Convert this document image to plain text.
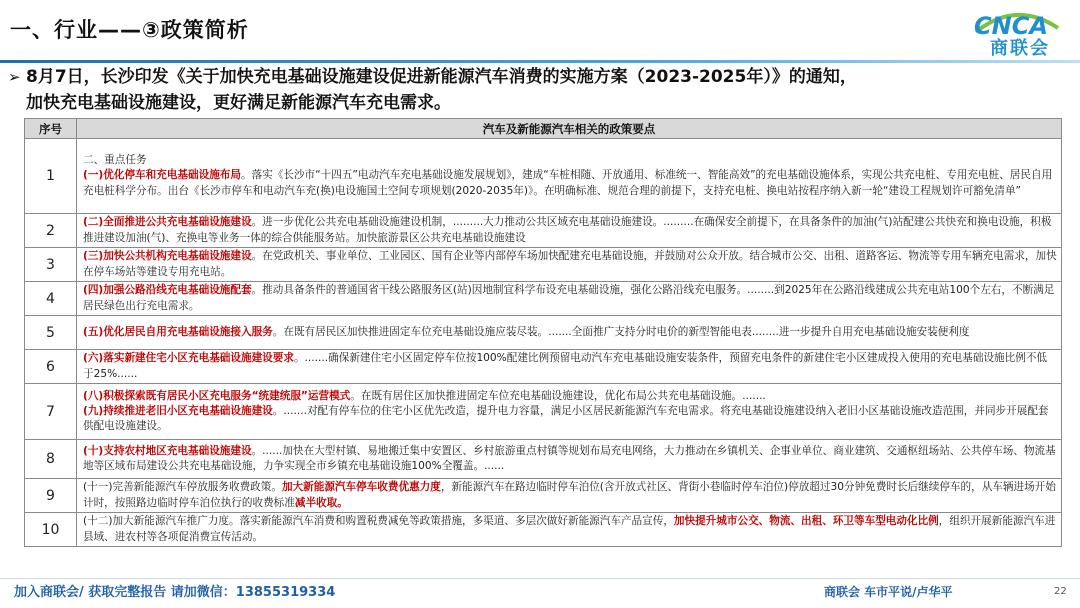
一、行业——③政策简析	CNCA
商联会
➢ 8月7日，长沙印发《关于加快充电基础设施建设促进新能源汽车消费的实施方案（2023-2025年）》的通知，
加快充电基础设施建设，更好满足新能源汽车充电需求。
序号	汽车及新能源汽车相关的政策要点
1	二、重点任务
(一)优化停车和充电基础设施布局。落实《长沙市“十四五”电动汽车充电基础设施发展规划》，建成“车桩相随、开放通用、标准统一、智能高效”的充电基础设施体系，实现公共充电桩、专用充电桩、居民自用充电桩科学分布。出台《长沙市停车和电动汽车充(换)电设施国土空间专项规划(2020-2035年)》。在明确标准、规范合理的前提下，支持充电桩、换电站按程序纳入新一轮“建设工程规划许可豁免清单”
2	(二)全面推进公共充电基础设施建设。进一步优化公共充电基础设施建设机制，.........大力推动公共区域充电基础设施建设。.........在确保安全前提下，在具备条件的加油(气)站配建公共快充和换电设施，积极推进建设加油(气)、充换电等业务一体的综合供能服务站。加快旅游景区公共充电基础设施建设
3	(三)加快公共机构充电基础设施建设。在党政机关、事业单位、工业园区、国有企业等内部停车场加快配建充电基础设施，并鼓励对公众开放。结合城市公交、出租、道路客运、物流等专用车辆充电需求，加快在停车场站等建设专用充电站。
4	(四)加强公路沿线充电基础设施配套。推动具备条件的普通国省干线公路服务区(站)因地制宜科学布设充电基础设施，强化公路沿线充电服务。........到2025年在公路沿线建成公共充电站100个左右，不断满足居民绿色出行充电需求。
5	(五)优化居民自用充电基础设施接入服务。在既有居民区加快推进固定车位充电基础设施应装尽装。.......全面推广支持分时电价的新型智能电表........进一步提升自用充电基础设施安装便利度
6	(六)落实新建住宅小区充电基础设施建设要求。.......确保新建住宅小区固定停车位按100%配建比例预留电动汽车充电基础设施安装条件，预留充电条件的新建住宅小区建成投入使用的充电基础设施比例不低于25%......
7	(八)积极探索既有居民小区充电服务“统建统服”运营模式。在既有居住区加快推进固定车位充电基础设施建设，优化布局公共充电基础设施。.......
(九)持续推进老旧小区充电基础设施建设。.......对配有停车位的住宅小区优先改造，提升电力容量，满足小区居民新能源汽车充电需求。将充电基础设施建设纳入老旧小区基础设施改造范围，并同步开展配套供配电设施建设。
8	(十)支持农村地区充电基础设施建设。......加快在大型村镇、易地搬迁集中安置区、乡村旅游重点村镇等规划布局充电网络，大力推动在乡镇机关、企事业单位、商业建筑、交通枢纽场站、公共停车场、物流基地等区域布局建设公共充电基础设施，力争实现全市乡镇充电基础设施100%全覆盖。......
9	(十一)完善新能源汽车停放服务收费政策。加大新能源汽车停车收费优惠力度，新能源汽车在路边临时停车泊位(含开放式社区、背街小巷临时停车泊位)停放超过30分钟免费时长后继续停车的，从车辆进场开始计时，按照路边临时停车泊位执行的收费标准减半收取。
10	(十二)加大新能源汽车推广力度。落实新能源汽车消费和购置税费减免等政策措施，多渠道、多层次做好新能源汽车产品宣传，加快提升城市公交、物流、出租、环卫等车型电动化比例，组织开展新能源汽车进县域、进农村等各项促消费宣传活动。
加入商联会/ 获取完整报告 请加微信：13855319334	商联会 车市平说/卢华平	22
